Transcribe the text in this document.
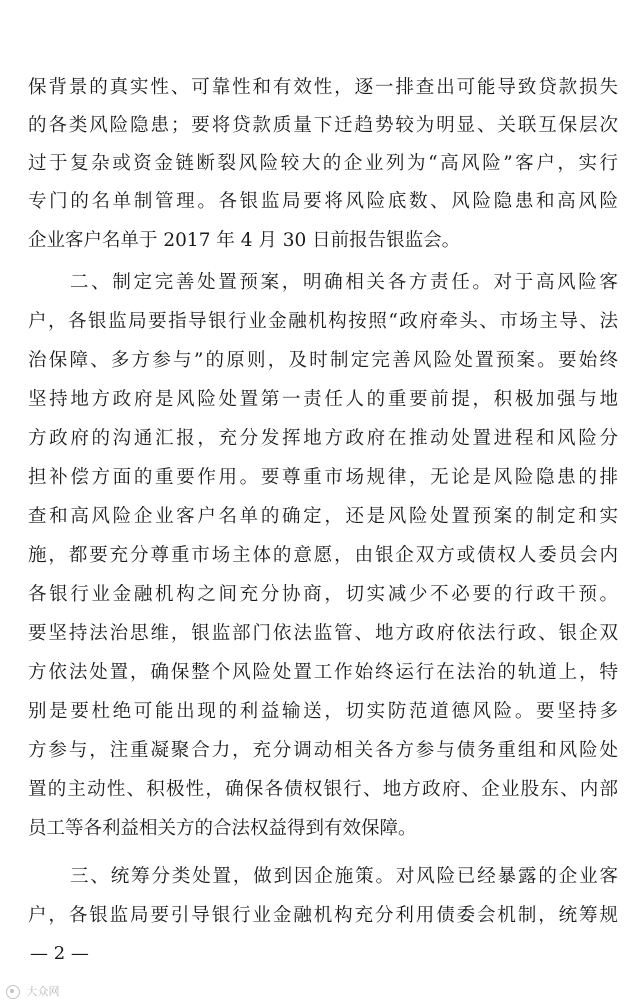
保背景的真实性、可靠性和有效性，逐一排查出可能导致贷款损失
的各类风险隐患；要将贷款质量下迁趋势较为明显、关联互保层次
过于复杂或资金链断裂风险较大的企业列为“高风险”客户，实行
专门的名单制管理。各银监局要将风险底数、风险隐患和高风险
企业客户名单于 2017 年 4 月 30 日前报告银监会。
二、制定完善处置预案，明确相关各方责任。对于高风险客
户，各银监局要指导银行业金融机构按照“政府牵头、市场主导、法
治保障、多方参与”的原则，及时制定完善风险处置预案。要始终
坚持地方政府是风险处置第一责任人的重要前提，积极加强与地
方政府的沟通汇报，充分发挥地方政府在推动处置进程和风险分
担补偿方面的重要作用。要尊重市场规律，无论是风险隐患的排
查和高风险企业客户名单的确定，还是风险处置预案的制定和实
施，都要充分尊重市场主体的意愿，由银企双方或债权人委员会内
各银行业金融机构之间充分协商，切实减少不必要的行政干预。
要坚持法治思维，银监部门依法监管、地方政府依法行政、银企双
方依法处置，确保整个风险处置工作始终运行在法治的轨道上，特
别是要杜绝可能出现的利益输送，切实防范道德风险。要坚持多
方参与，注重凝聚合力，充分调动相关各方参与债务重组和风险处
置的主动性、积极性，确保各债权银行、地方政府、企业股东、内部
员工等各利益相关方的合法权益得到有效保障。
三、统筹分类处置，做到因企施策。对风险已经暴露的企业客
户，各银监局要引导银行业金融机构充分利用债委会机制，统筹规
— 2 —
大众网
